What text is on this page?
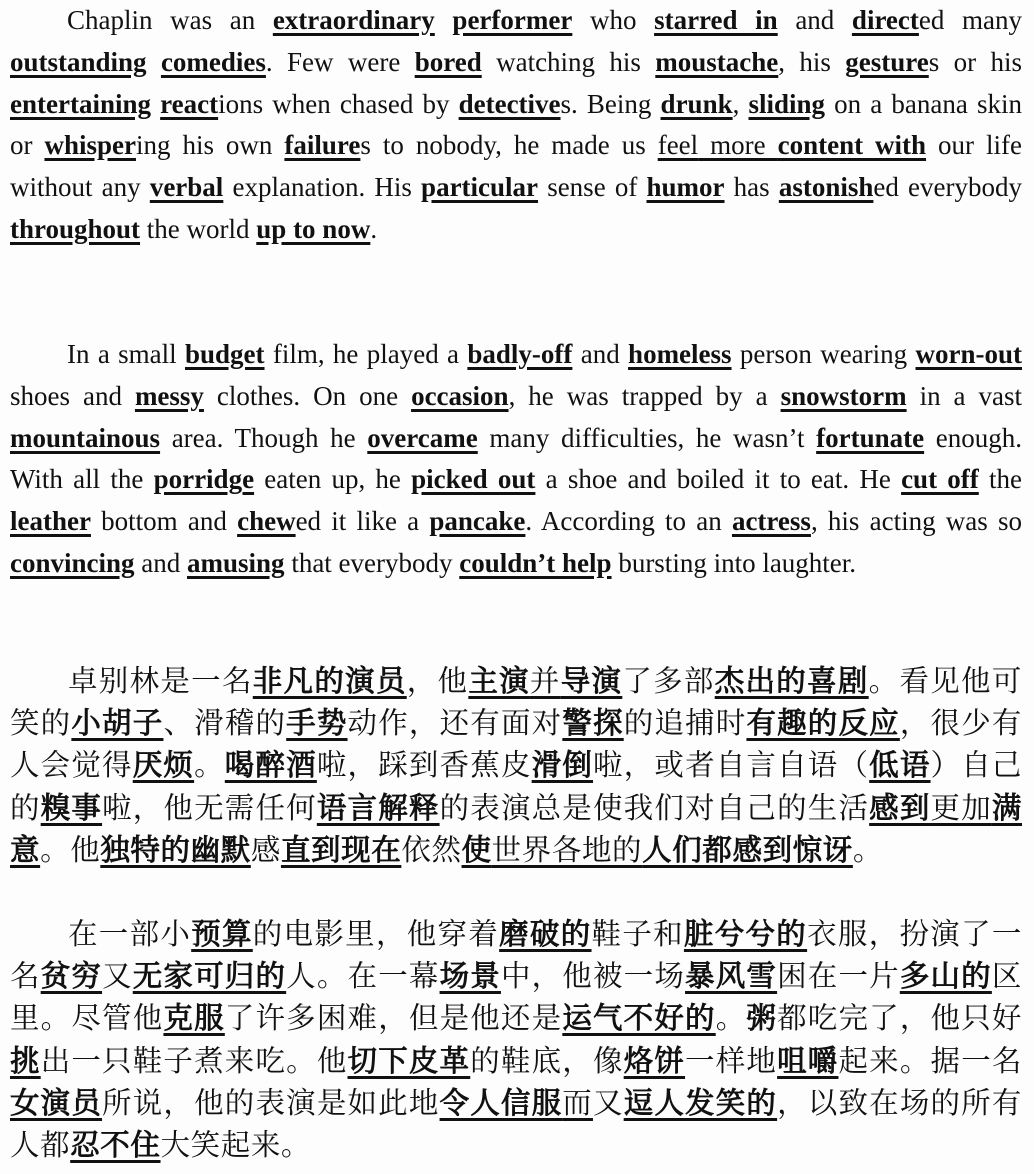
Chaplin was an extraordinary performer who starred in and directed many outstanding comedies. Few were bored watching his moustache, his gestures or his entertaining reactions when chased by detectives. Being drunk, sliding on a banana skin or whispering his own failures to nobody, he made us feel more content with our life without any verbal explanation. His particular sense of humor has astonished everybody throughout the world up to now.

In a small budget film, he played a badly-off and homeless person wearing worn-out shoes and messy clothes. On one occasion, he was trapped by a snowstorm in a vast mountainous area. Though he overcame many difficulties, he wasn’t fortunate enough. With all the porridge eaten up, he picked out a shoe and boiled it to eat. He cut off the leather bottom and chewed it like a pancake. According to an actress, his acting was so convincing and amusing that everybody couldn’t help bursting into laughter.

卓别林是一名非凡的演员，他主演并导演了多部杰出的喜剧。看见他可笑的小胡子、滑稽的手势动作，还有面对警探的追捕时有趣的反应，很少有人会觉得厌烦。喝醉酒啦，踩到香蕉皮滑倒啦，或者自言自语（低语）自己的糗事啦，他无需任何语言解释的表演总是使我们对自己的生活感到更加满意。他独特的幽默感直到现在依然使世界各地的人们都感到惊讶。

在一部小预算的电影里，他穿着磨破的鞋子和脏兮兮的衣服，扮演了一名贫穷又无家可归的人。在一幕场景中，他被一场暴风雪困在一片多山的区里。尽管他克服了许多困难，但是他还是运气不好的。粥都吃完了，他只好挑出一只鞋子煮来吃。他切下皮革的鞋底，像烙饼一样地咀嚼起来。据一名女演员所说，他的表演是如此地令人信服而又逗人发笑的，以致在场的所有人都忍不住大笑起来。
